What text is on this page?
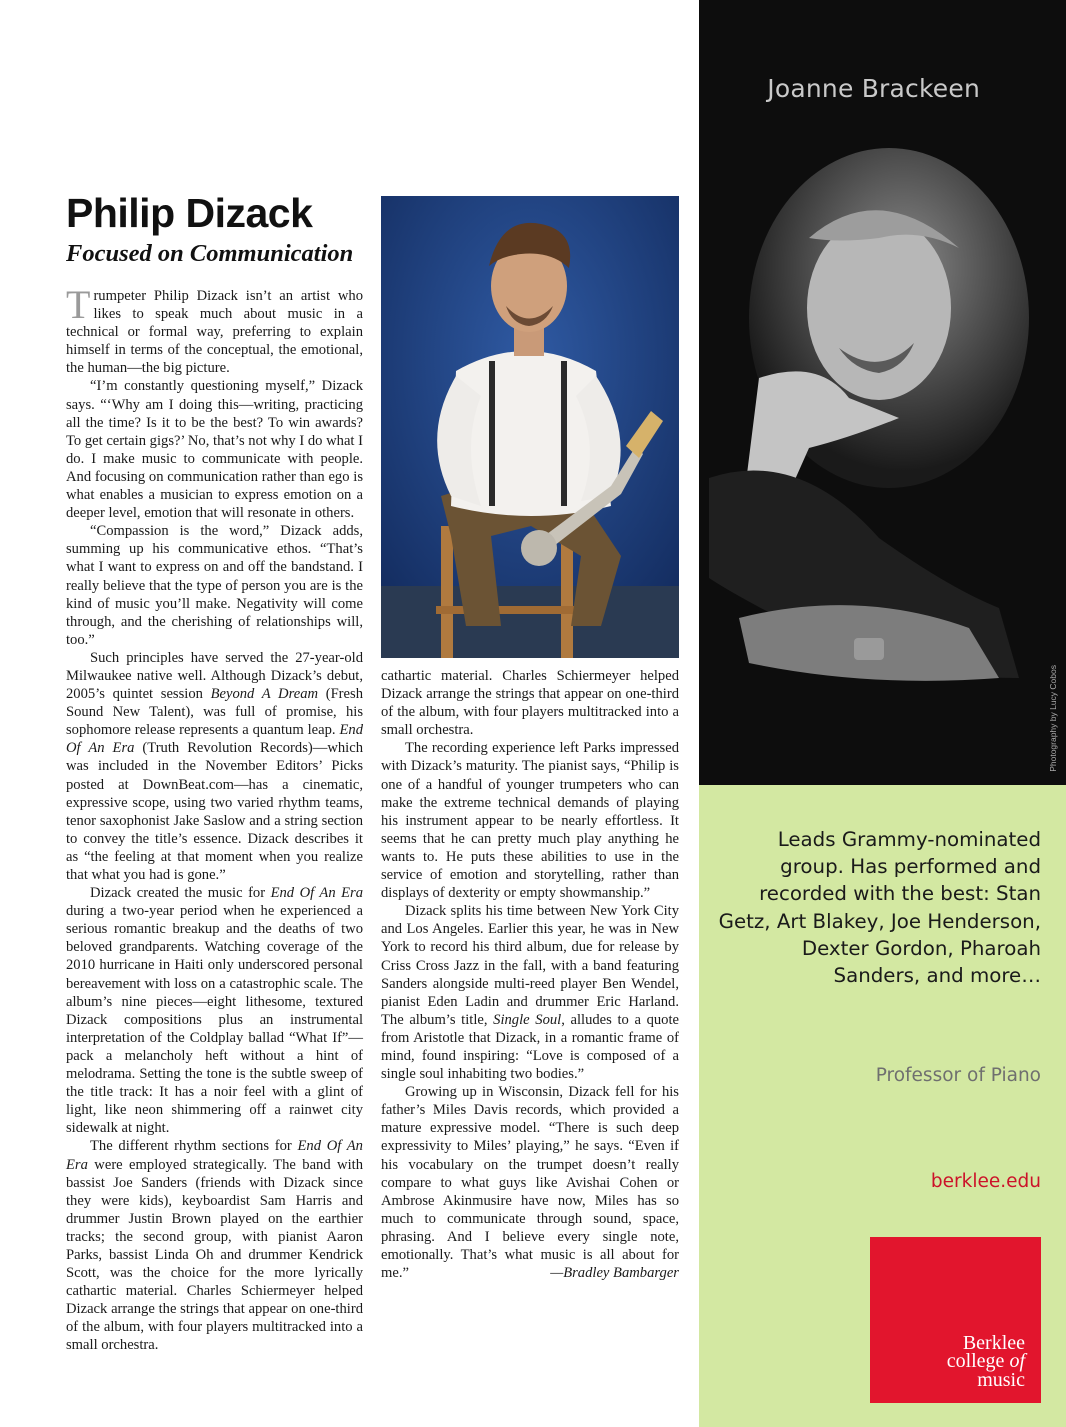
Philip Dizack
Focused on Communication

Trumpeter Philip Dizack isn’t an artist who likes to speak much about music in a technical or formal way, preferring to explain himself in terms of the conceptual, the emotional, the human—the big picture.

“I’m constantly questioning myself,” Dizack says. “‘Why am I doing this—writing, practicing all the time? Is it to be the best? To win awards? To get certain gigs?’ No, that’s not why I do what I do. I make music to communicate with people. And focusing on communication rather than ego is what enables a musician to express emotion on a deeper level, emotion that will resonate in others.

“Compassion is the word,” Dizack adds, summing up his communicative ethos. “That’s what I want to express on and off the bandstand. I really believe that the type of person you are is the kind of music you’ll make. Negativity will come through, and the cherishing of relationships will, too.”

Such principles have served the 27-year-old Milwaukee native well. Although Dizack’s debut, 2005’s quintet session Beyond A Dream (Fresh Sound New Talent), was full of promise, his sophomore release represents a quantum leap. End Of An Era (Truth Revolution Records)—which was included in the November Editors’ Picks posted at DownBeat.com—has a cinematic, expressive scope, using two varied rhythm teams, tenor saxophonist Jake Saslow and a string section to convey the title’s essence. Dizack describes it as “the feeling at that moment when you realize that what you had is gone.”

Dizack created the music for End Of An Era during a two-year period when he experienced a serious romantic breakup and the deaths of two beloved grandparents. Watching coverage of the 2010 hurricane in Haiti only underscored personal bereavement with loss on a catastrophic scale. The album’s nine pieces—eight lithesome, textured Dizack compositions plus an instrumental interpretation of the Coldplay ballad “What If”—pack a melancholy heft without a hint of melodrama. Setting the tone is the subtle sweep of the title track: It has a noir feel with a glint of light, like neon shimmering off a rainwet city sidewalk at night.

The different rhythm sections for End Of An Era were employed strategically. The band with bassist Joe Sanders (friends with Dizack since they were kids), keyboardist Sam Harris and drummer Justin Brown played on the earthier tracks; the second group, with pianist Aaron Parks, bassist Linda Oh and drummer Kendrick Scott, was the choice for the more lyrically cathartic material. Charles Schiermeyer helped Dizack arrange the strings that appear on one-third of the album, with four players multitracked into a small orchestra.

cathartic material. Charles Schiermeyer helped Dizack arrange the strings that appear on one-third of the album, with four players multitracked into a small orchestra.

The recording experience left Parks impressed with Dizack’s maturity. The pianist says, “Philip is one of a handful of younger trumpeters who can make the extreme technical demands of playing his instrument appear to be nearly effortless. It seems that he can pretty much play anything he wants to. He puts these abilities to use in the service of emotion and storytelling, rather than displays of dexterity or empty showmanship.”

Dizack splits his time between New York City and Los Angeles. Earlier this year, he was in New York to record his third album, due for release by Criss Cross Jazz in the fall, with a band featuring Sanders alongside multi-reed player Ben Wendel, pianist Eden Ladin and drummer Eric Harland. The album’s title, Single Soul, alludes to a quote from Aristotle that Dizack, in a romantic frame of mind, found inspiring: “Love is composed of a single soul inhabiting two bodies.”

Growing up in Wisconsin, Dizack fell for his father’s Miles Davis records, which provided a mature expressive model. “There is such deep expressivity to Miles’ playing,” he says. “Even if his vocabulary on the trumpet doesn’t really compare to what guys like Avishai Cohen or Ambrose Akinmusire have now, Miles has so much to communicate through sound, space, phrasing. And I believe every single note, emotionally. That’s what music is all about for me.”	—Bradley Bambarger

Joanne Brackeen
Photography by Lucy Cobos

Leads Grammy-nominated group. Has performed and recorded with the best: Stan Getz, Art Blakey, Joe Henderson, Dexter Gordon, Pharoah Sanders, and more…

Professor of Piano

berklee.edu
Berklee
college of
music
